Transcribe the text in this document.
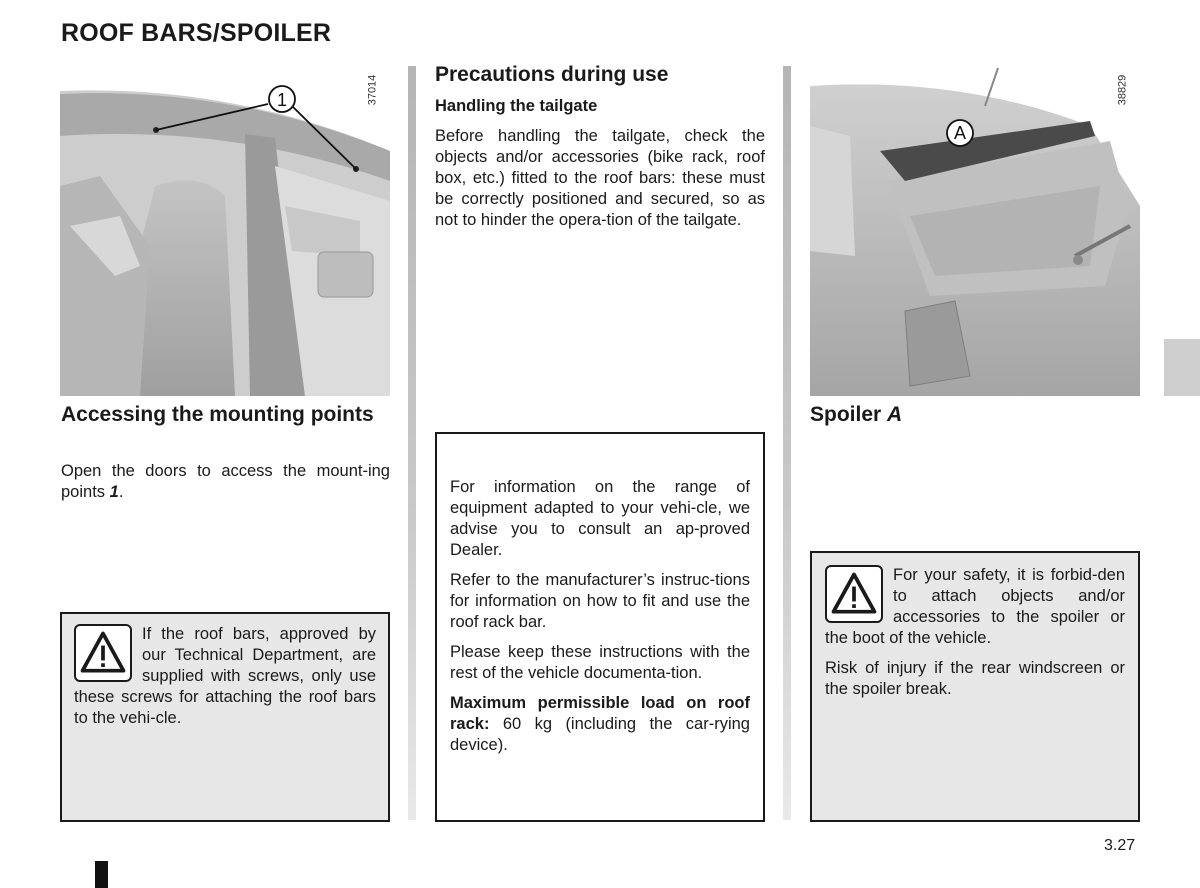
ROOF BARS/SPOILER
1	37014
Accessing the mounting points

Open the doors to access the mount-ing points 1.

If the roof bars, approved by our Technical Department, are supplied with screws, only use these screws for attaching the roof bars to the vehi-cle.

Precautions during use
Handling the tailgate

Before handling the tailgate, check the objects and/or accessories (bike rack, roof box, etc.) fitted to the roof bars: these must be correctly positioned and secured, so as not to hinder the opera-tion of the tailgate.

For information on the range of equipment adapted to your vehi-cle, we advise you to consult an ap-proved Dealer.

Refer to the manufacturer’s instruc-tions for information on how to fit and use the roof rack bar.

Please keep these instructions with the rest of the vehicle documenta-tion.

Maximum permissible load on roof rack: 60 kg (including the car-rying device).

A
38829
Spoiler A

For your safety, it is forbid-den to attach objects and/or accessories to the spoiler or the boot of the vehicle.

Risk of injury if the rear windscreen or the spoiler break.

3.27
